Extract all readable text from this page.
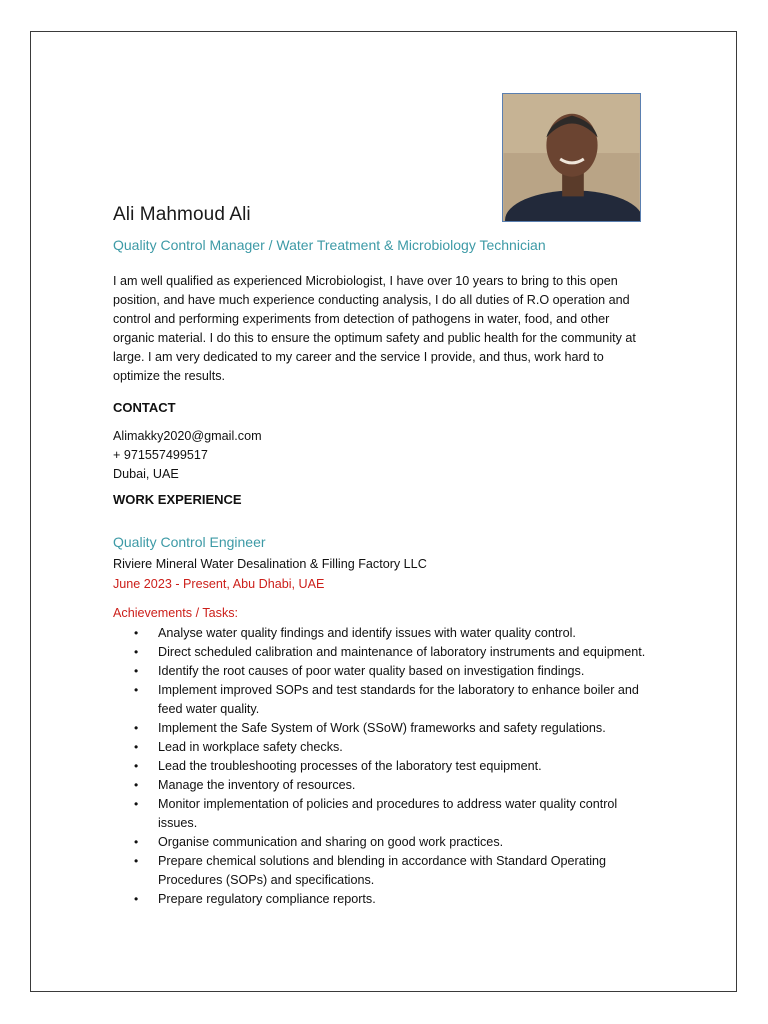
Ali Mahmoud Ali
Quality Control Manager / Water Treatment & Microbiology Technician
I am well qualified as experienced Microbiologist, I have over 10 years to bring to this open position, and have much experience conducting analysis, I do all duties of R.O operation and control and performing experiments from detection of pathogens in water, food, and other organic material. I do this to ensure the optimum safety and public health for the community at large. I am very dedicated to my career and the service I provide, and thus, work hard to optimize the results.
CONTACT
Alimakky2020@gmail.com
+ 971557499517
Dubai, UAE
WORK EXPERIENCE
Quality Control Engineer
Riviere Mineral Water Desalination & Filling Factory LLC
June 2023 - Present, Abu Dhabi, UAE
Achievements / Tasks:
• Analyse water quality findings and identify issues with water quality control.
• Direct scheduled calibration and maintenance of laboratory instruments and equipment.
• Identify the root causes of poor water quality based on investigation findings.
• Implement improved SOPs and test standards for the laboratory to enhance boiler and feed water quality.
• Implement the Safe System of Work (SSoW) frameworks and safety regulations.
• Lead in workplace safety checks.
• Lead the troubleshooting processes of the laboratory test equipment.
• Manage the inventory of resources.
• Monitor implementation of policies and procedures to address water quality control issues.
• Organise communication and sharing on good work practices.
• Prepare chemical solutions and blending in accordance with Standard Operating Procedures (SOPs) and specifications.
• Prepare regulatory compliance reports.
